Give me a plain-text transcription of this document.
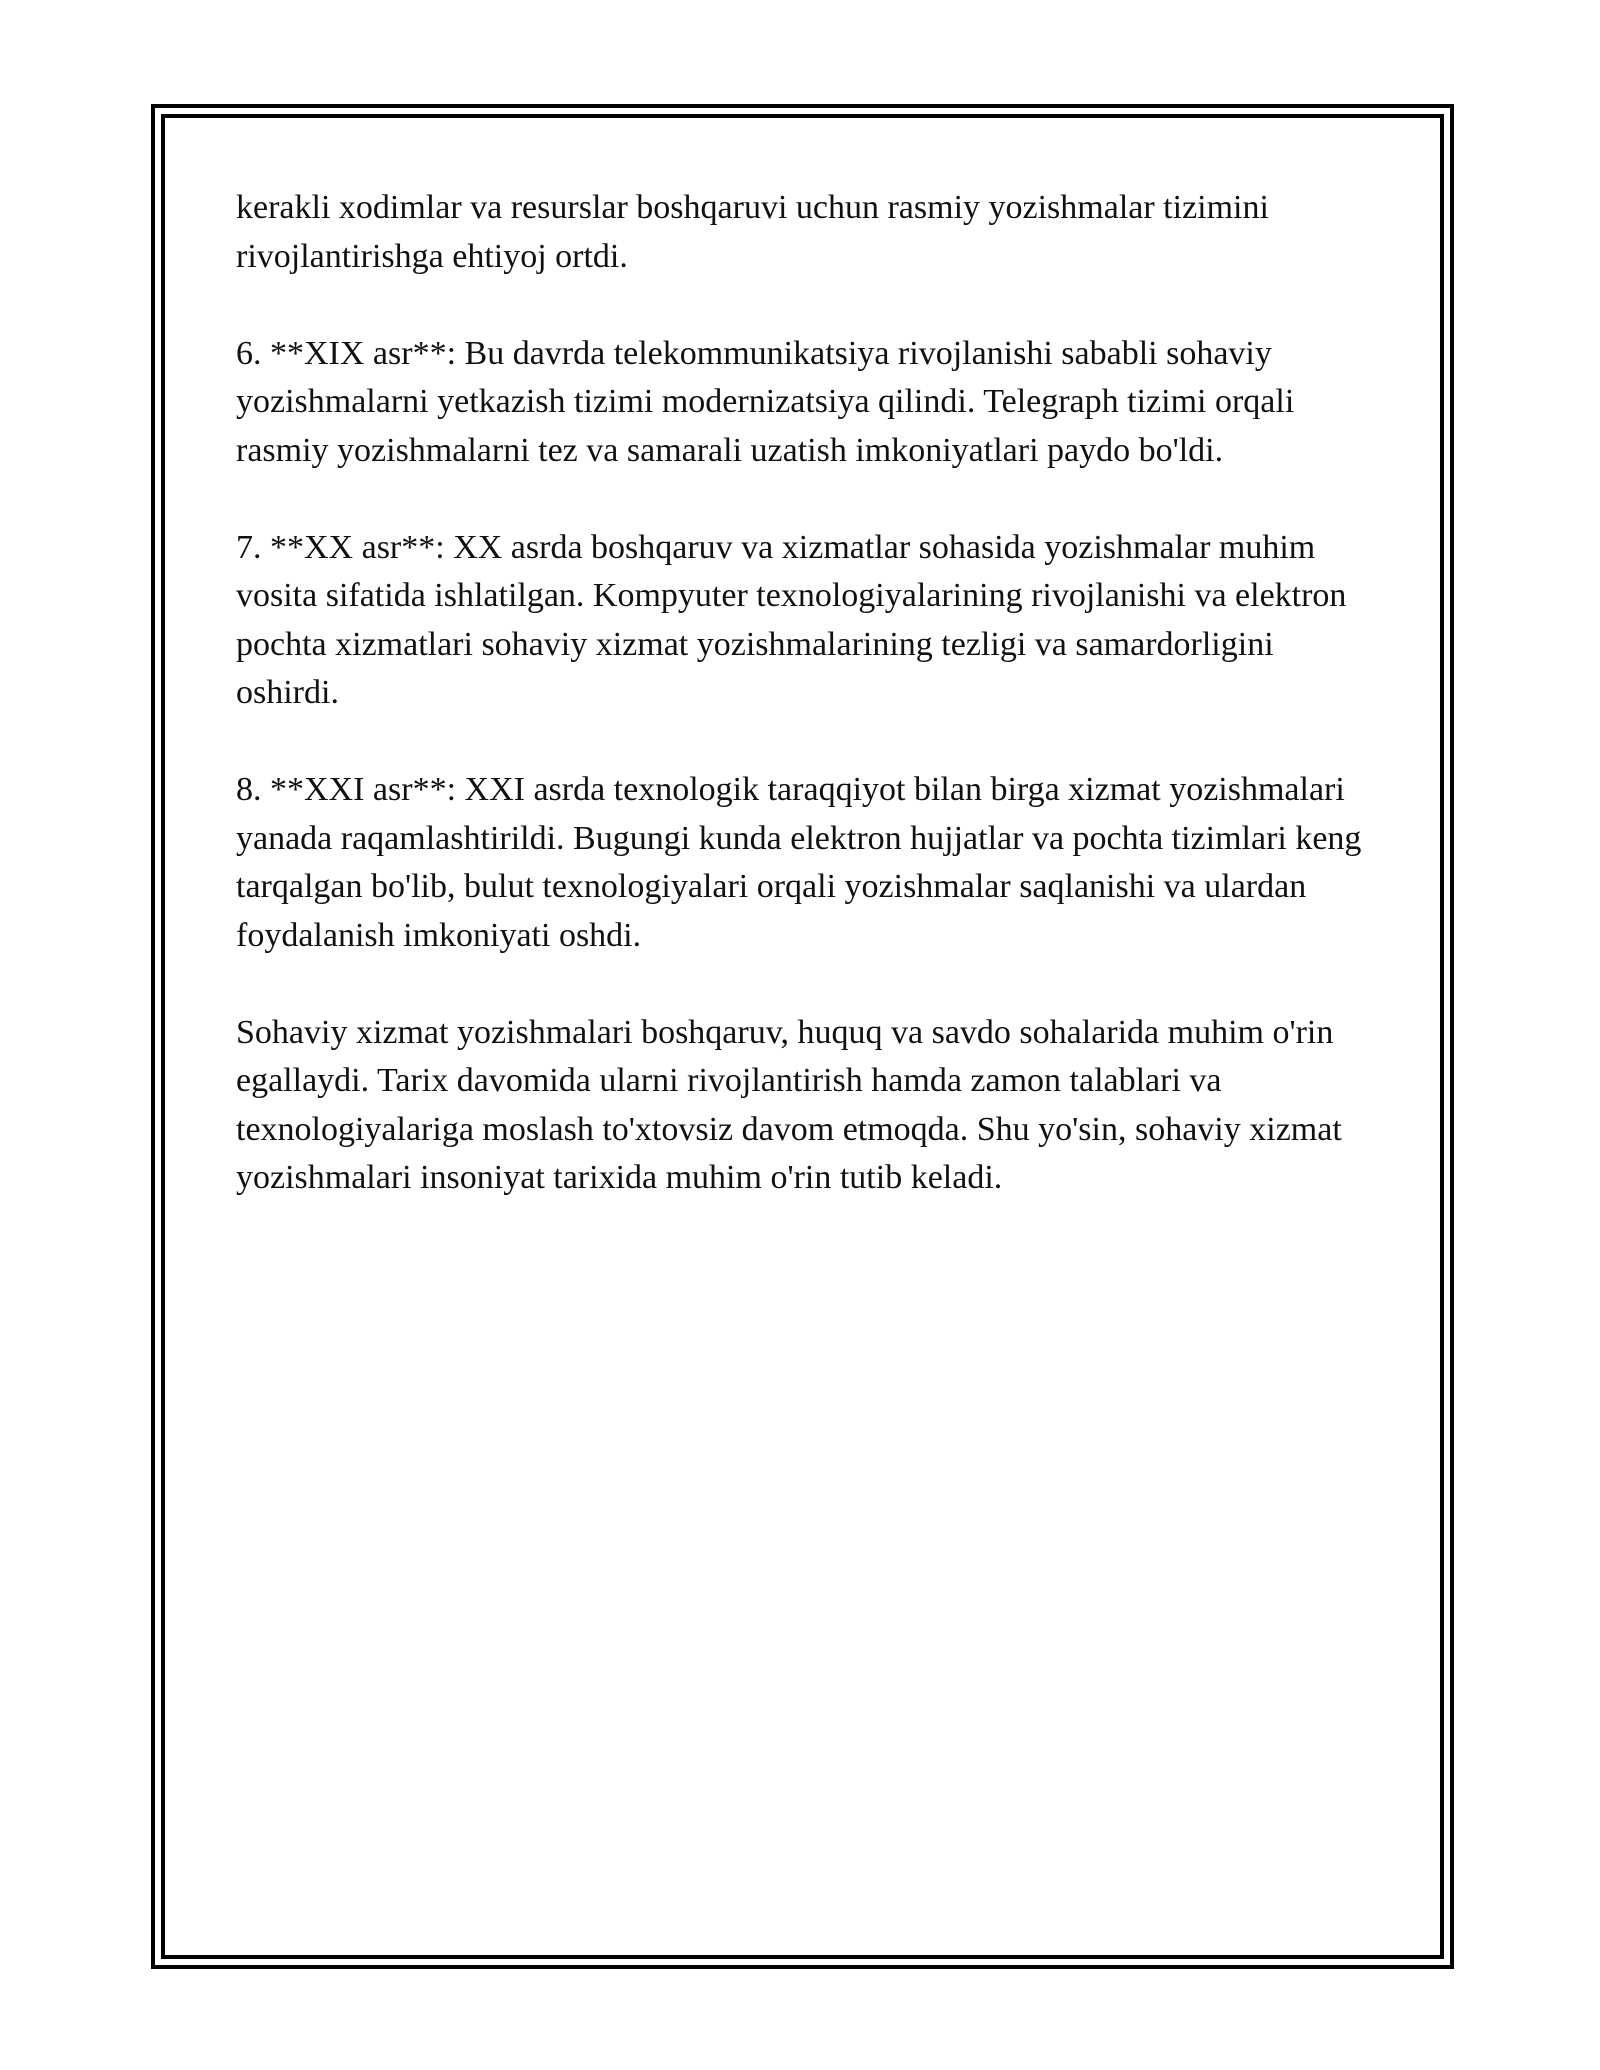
kerakli xodimlar va resurslar boshqaruvi uchun rasmiy yozishmalar tizimini rivojlantirishga ehtiyoj ortdi.

6. **XIX asr**: Bu davrda telekommunikatsiya rivojlanishi sababli sohaviy yozishmalarni yetkazish tizimi modernizatsiya qilindi. Telegraph tizimi orqali rasmiy yozishmalarni tez va samarali uzatish imkoniyatlari paydo bo'ldi.

7. **XX asr**: XX asrda boshqaruv va xizmatlar sohasida yozishmalar muhim vosita sifatida ishlatilgan. Kompyuter texnologiyalarining rivojlanishi va elektron pochta xizmatlari sohaviy xizmat yozishmalarining tezligi va samardorligini oshirdi.

8. **XXI asr**: XXI asrda texnologik taraqqiyot bilan birga xizmat yozishmalari yanada raqamlashtirildi. Bugungi kunda elektron hujjatlar va pochta tizimlari keng tarqalgan bo'lib, bulut texnologiyalari orqali yozishmalar saqlanishi va ulardan foydalanish imkoniyati oshdi.

Sohaviy xizmat yozishmalari boshqaruv, huquq va savdo sohalarida muhim o'rin egallaydi. Tarix davomida ularni rivojlantirish hamda zamon talablari va texnologiyalariga moslash to'xtovsiz davom etmoqda. Shu yo'sin, sohaviy xizmat yozishmalari insoniyat tarixida muhim o'rin tutib keladi.
